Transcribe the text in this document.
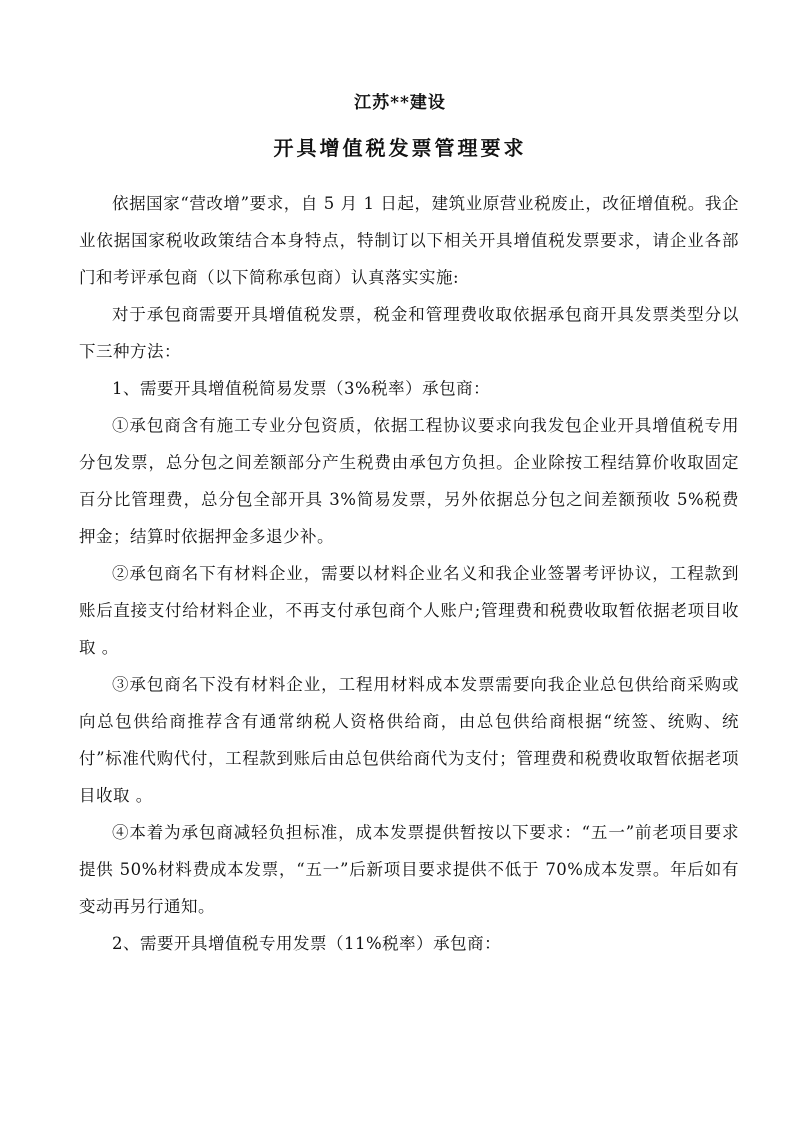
江苏**建设
开具增值税发票管理要求

依据国家“营改增”要求，自 5 月 1 日起，建筑业原营业税废止，改征增值税。我企业依据国家税收政策结合本身特点，特制订以下相关开具增值税发票要求，请企业各部门和考评承包商（以下简称承包商）认真落实实施:

对于承包商需要开具增值税发票，税金和管理费收取依据承包商开具发票类型分以下三种方法：

1、需要开具增值税简易发票（3%税率）承包商：

①承包商含有施工专业分包资质，依据工程协议要求向我发包企业开具增值税专用分包发票，总分包之间差额部分产生税费由承包方负担。企业除按工程结算价收取固定百分比管理费，总分包全部开具 3%简易发票，另外依据总分包之间差额预收 5%税费押金；结算时依据押金多退少补。

②承包商名下有材料企业，需要以材料企业名义和我企业签署考评协议，工程款到账后直接支付给材料企业，不再支付承包商个人账户;管理费和税费收取暂依据老项目收取 。

③承包商名下没有材料企业，工程用材料成本发票需要向我企业总包供给商采购或向总包供给商推荐含有通常纳税人资格供给商，由总包供给商根据“统签、统购、统付”标准代购代付，工程款到账后由总包供给商代为支付；管理费和税费收取暂依据老项目收取 。

④本着为承包商减轻负担标准，成本发票提供暂按以下要求：“五一”前老项目要求提供 50%材料费成本发票，“五一”后新项目要求提供不低于 70%成本发票。年后如有变动再另行通知。

2、需要开具增值税专用发票（11%税率）承包商：
